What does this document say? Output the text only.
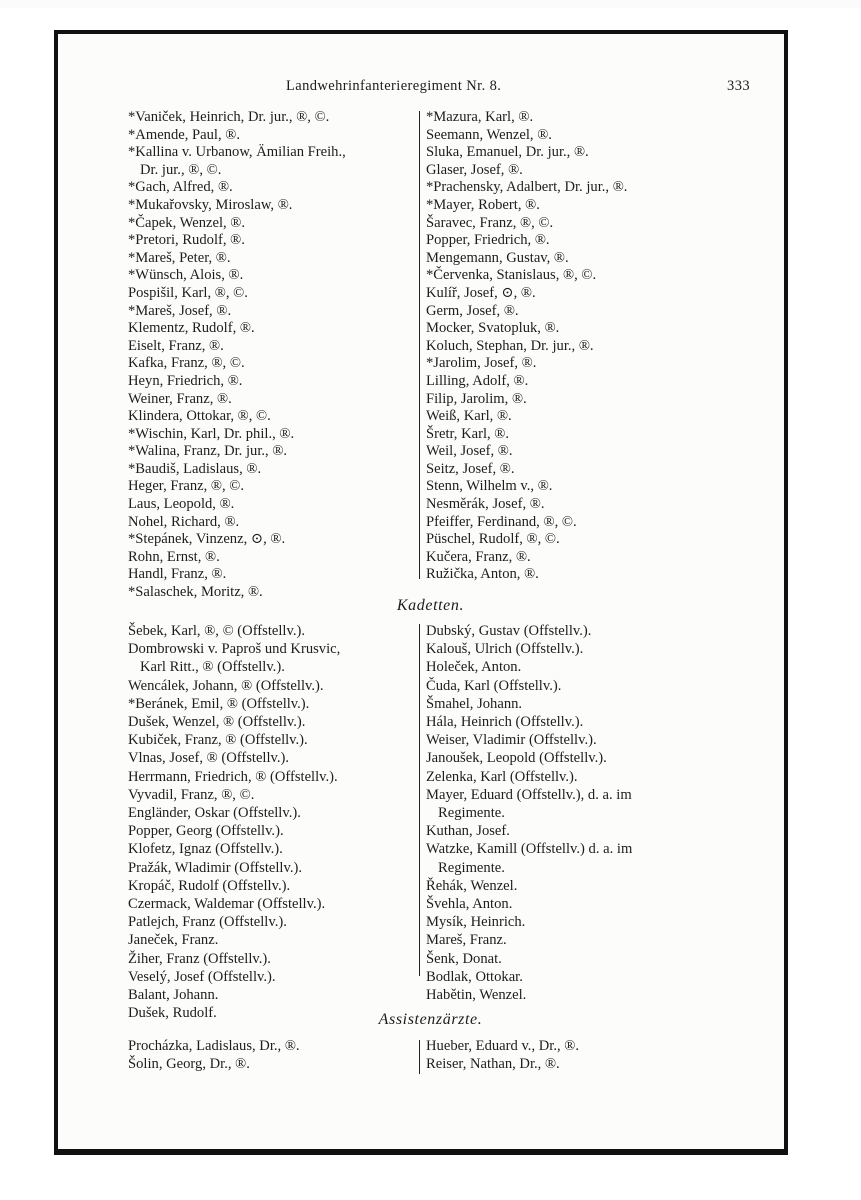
Landwehrinfanterieregiment Nr. 8.	333
*Vaniček, Heinrich, Dr. jur., ®, ©.
*Amende, Paul, ®.
*Kallina v. Urbanow, Ämilian Freih.,
Dr. jur., ®, ©.
*Gach, Alfred, ®.
*Mukařovsky, Miroslaw, ®.
*Čapek, Wenzel, ®.
*Pretori, Rudolf, ®.
*Mareš, Peter, ®.
*Wünsch, Alois, ®.
Pospišil, Karl, ®, ©.
*Mareš, Josef, ®.
Klementz, Rudolf, ®.
Eiselt, Franz, ®.
Kafka, Franz, ®, ©.
Heyn, Friedrich, ®.
Weiner, Franz, ®.
Klindera, Ottokar, ®, ©.
*Wischin, Karl, Dr. phil., ®.
*Walina, Franz, Dr. jur., ®.
*Baudiš, Ladislaus, ®.
Heger, Franz, ®, ©.
Laus, Leopold, ®.
Nohel, Richard, ®.
*Stepánek, Vinzenz, ⊙, ®.
Rohn, Ernst, ®.
Handl, Franz, ®.
*Salaschek, Moritz, ®.
*Mazura, Karl, ®.
Seemann, Wenzel, ®.
Sluka, Emanuel, Dr. jur., ®.
Glaser, Josef, ®.
*Prachensky, Adalbert, Dr. jur., ®.
*Mayer, Robert, ®.
Šaravec, Franz, ®, ©.
Popper, Friedrich, ®.
Mengemann, Gustav, ®.
*Červenka, Stanislaus, ®, ©.
Kulíř, Josef, ⊙, ®.
Germ, Josef, ®.
Mocker, Svatopluk, ®.
Koluch, Stephan, Dr. jur., ®.
*Jarolim, Josef, ®.
Lilling, Adolf, ®.
Filip, Jarolim, ®.
Weiß, Karl, ®.
Šretr, Karl, ®.
Weil, Josef, ®.
Seitz, Josef, ®.
Stenn, Wilhelm v., ®.
Nesměrák, Josef, ®.
Pfeiffer, Ferdinand, ®, ©.
Püschel, Rudolf, ®, ©.
Kučera, Franz, ®.
Ružička, Anton, ®.
Kadetten.
Šebek, Karl, ®, © (Offstellv.).
Dombrowski v. Paproš und Krusvic,
Karl Ritt., ® (Offstellv.).
Wencálek, Johann, ® (Offstellv.).
*Beránek, Emil, ® (Offstellv.).
Dušek, Wenzel, ® (Offstellv.).
Kubiček, Franz, ® (Offstellv.).
Vlnas, Josef, ® (Offstellv.).
Herrmann, Friedrich, ® (Offstellv.).
Vyvadil, Franz, ®, ©.
Engländer, Oskar (Offstellv.).
Popper, Georg (Offstellv.).
Klofetz, Ignaz (Offstellv.).
Pražák, Wladimir (Offstellv.).
Kropáč, Rudolf (Offstellv.).
Czermack, Waldemar (Offstellv.).
Patlejch, Franz (Offstellv.).
Janeček, Franz.
Žiher, Franz (Offstellv.).
Veselý, Josef (Offstellv.).
Balant, Johann.
Dušek, Rudolf.
Dubský, Gustav (Offstellv.).
Kalouš, Ulrich (Offstellv.).
Holeček, Anton.
Čuda, Karl (Offstellv.).
Šmahel, Johann.
Hála, Heinrich (Offstellv.).
Weiser, Vladimir (Offstellv.).
Janoušek, Leopold (Offstellv.).
Zelenka, Karl (Offstellv.).
Mayer, Eduard (Offstellv.), d. a. im
Regimente.
Kuthan, Josef.
Watzke, Kamill (Offstellv.) d. a. im
Regimente.
Řehák, Wenzel.
Švehla, Anton.
Mysík, Heinrich.
Mareš, Franz.
Šenk, Donat.
Bodlak, Ottokar.
Habětin, Wenzel.
Assistenzärzte.
Procházka, Ladislaus, Dr., ®.
Šolin, Georg, Dr., ®.
Hueber, Eduard v., Dr., ®.
Reiser, Nathan, Dr., ®.
